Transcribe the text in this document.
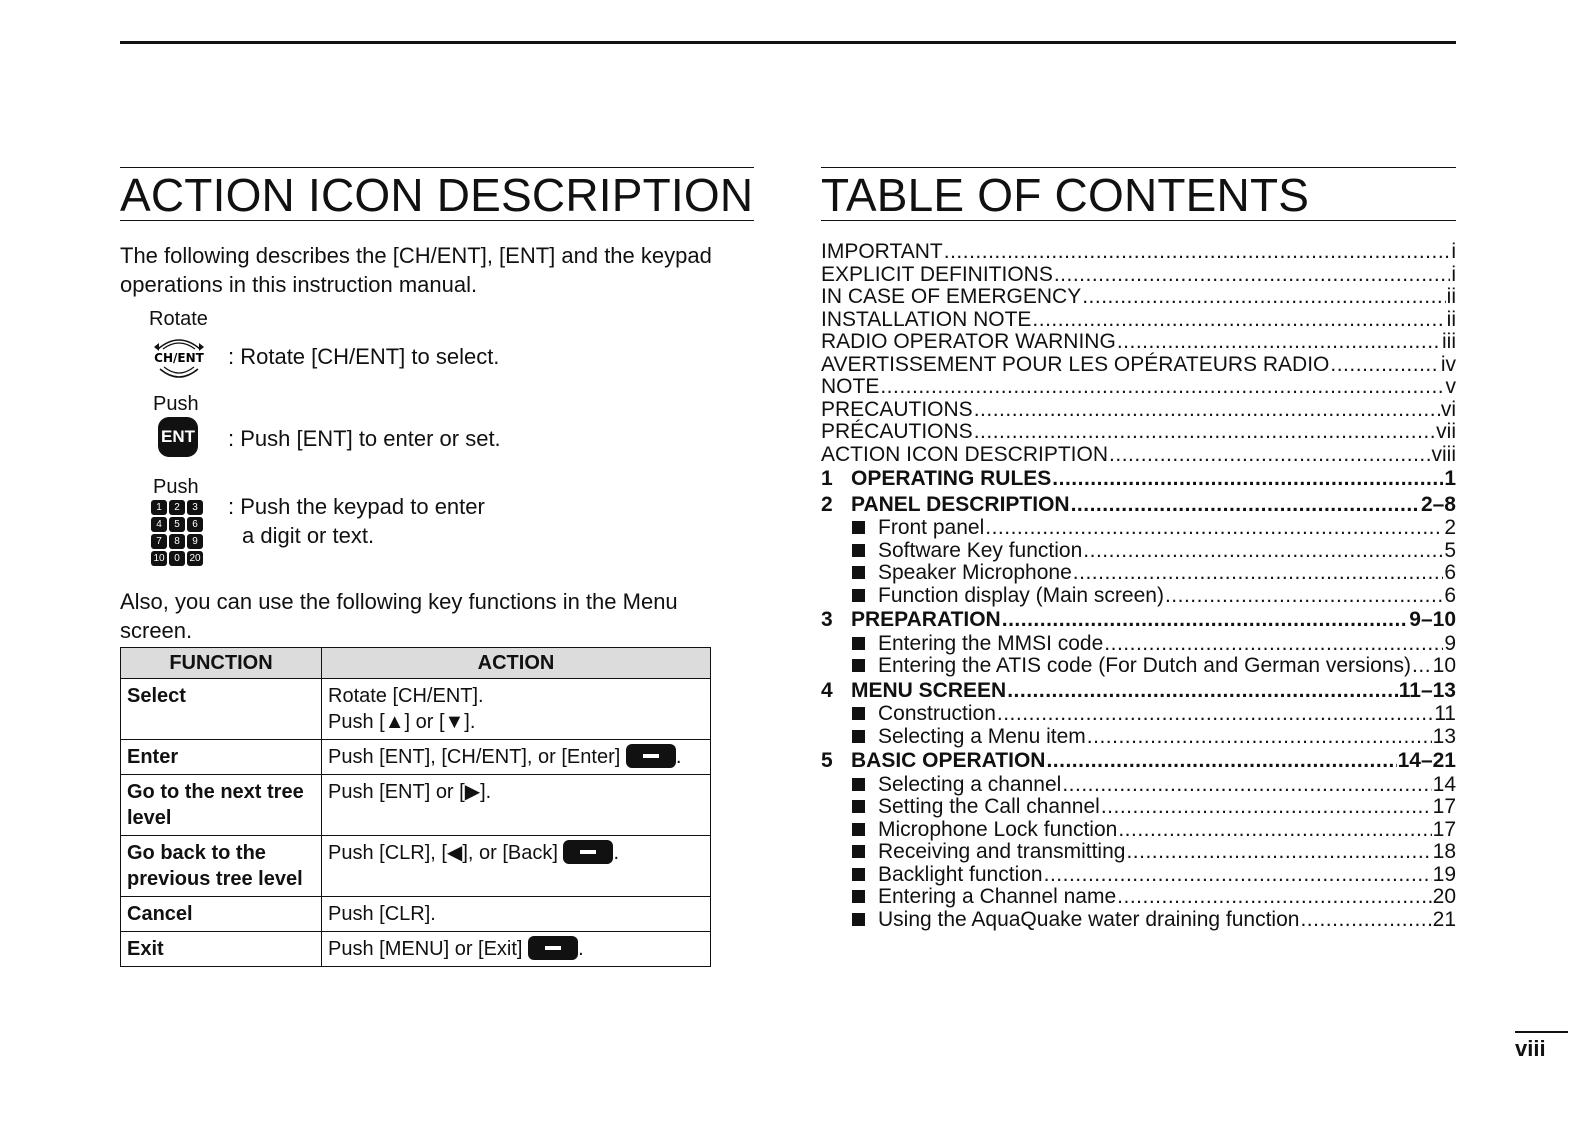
ACTION ICON DESCRIPTION
The following describes the [CH/ENT], [ENT] and the keypad operations in this instruction manual.
Rotate
CH/ENT : Rotate [CH/ENT] to select.
Push
ENT : Push [ENT] to enter or set.
Push
1	2	3
4	5	6
7	8	9
10 0 20
: Push the keypad to enter
a digit or text.
Also, you can use the following key functions in the Menu screen.
FUNCTION	ACTION
Select	Rotate [CH/ENT].
Push [▲] or [▼].

Enter	Push [ENT], [CH/ENT], or [Enter] .

Go to the next tree
level	Push [ENT] or [▶].

Go back to the
previous tree level	Push [CLR], [◀], or [Back] .
Cancel	Push [CLR].
Exit	Push [MENU] or [Exit] .
TABLE OF CONTENTS
IMPORTANT .....	i
EXPLICIT DEFINITIONS .....	i
IN CASE OF EMERGENCY .....	ii
INSTALLATION NOTE .....	ii
RADIO OPERATOR WARNING .....	iii
AVERTISSEMENT POUR LES OPÉRATEURS RADIO .....	iv
NOTE .....	v
PRECAUTIONS .....	vi
PRÉCAUTIONS .....	vii
ACTION ICON DESCRIPTION .....	viii
1 OPERATING RULES .....	1
2 PANEL DESCRIPTION .....	2–8
Front panel .....	2
Software Key function .....	5
Speaker Microphone .....	6
Function display (Main screen) .....	6
3 PREPARATION .....	9–10
Entering the MMSI code .....	9
Entering the ATIS code (For Dutch and German versions) ..... 10
4 MENU SCREEN .....	11–13
Construction .....	11
Selecting a Menu item .....	13
5 BASIC OPERATION .....	14–21
Selecting a channel .....	14
Setting the Call channel .....	17
Microphone Lock function .....	17
Receiving and transmitting .....	18
Backlight function .....	19
Entering a Channel name .....	20
Using the AquaQuake water draining function .....	21
viii
